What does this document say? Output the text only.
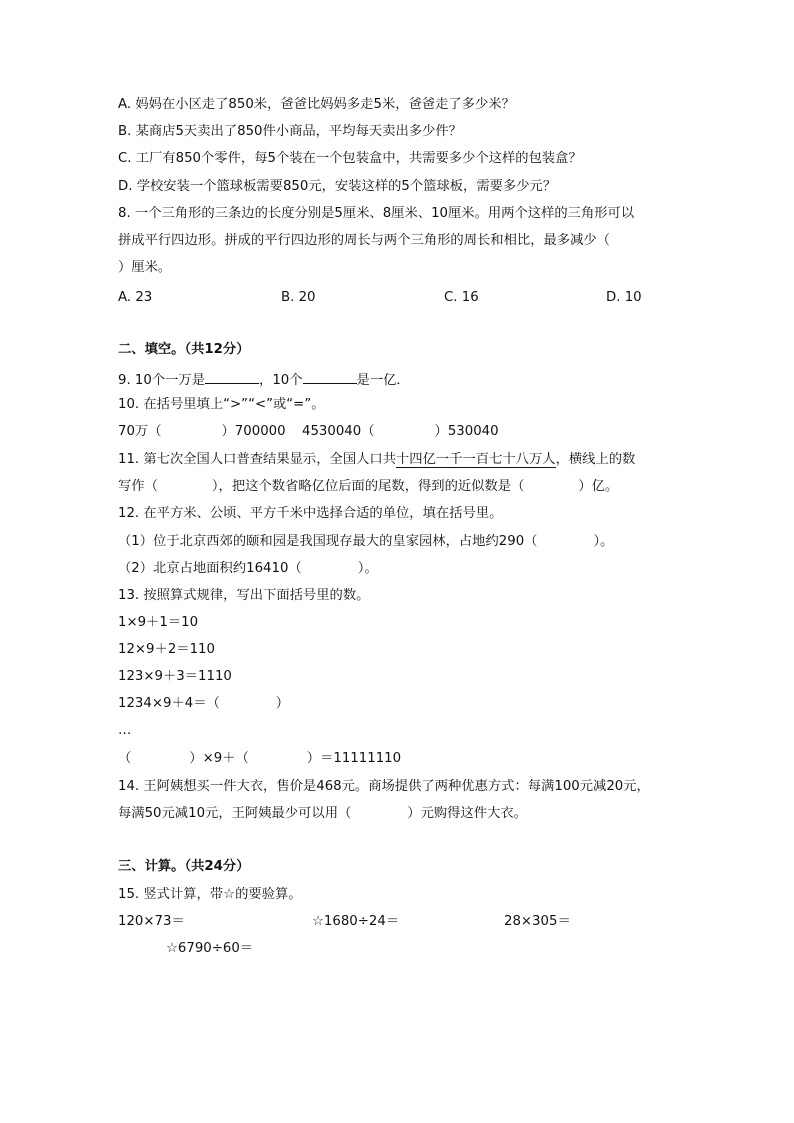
A. 妈妈在小区走了850米，爸爸比妈妈多走5米，爸爸走了多少米？
B. 某商店5天卖出了850件小商品，平均每天卖出多少件？
C. 工厂有850个零件，每5个装在一个包装盒中，共需要多少个这样的包装盒？
D. 学校安装一个篮球板需要850元，安装这样的5个篮球板，需要多少元？
8. 一个三角形的三条边的长度分别是5厘米、8厘米、10厘米。用两个这样的三角形可以
拼成平行四边形。拼成的平行四边形的周长与两个三角形的周长和相比，最多减少（
）厘米。
A. 23	B. 20	C. 16	D. 10
二、填空。（共12分）
9. 10个一万是	，10个	是一亿．
10. 在括号里填上“>”“<”或“=”。
70万（	）700000 4530040（	）530040
11. 第七次全国人口普查结果显示，全国人口共十四亿一千一百七十八万人，横线上的数
写作（	），把这个数省略亿位后面的尾数，得到的近似数是（	）亿。
12. 在平方米、公顷、平方千米中选择合适的单位，填在括号里。
（1）位于北京西郊的颐和园是我国现存最大的皇家园林，占地约290（	）。
（2）北京占地面积约16410（	）。
13. 按照算式规律，写出下面括号里的数。
1×9＋1＝10
12×9＋2＝110
123×9＋3＝1110
1234×9＋4＝（	）
…
（	）×9＋（	）＝11111110
14. 王阿姨想买一件大衣，售价是468元。商场提供了两种优惠方式：每满100元减20元，
每满50元减10元，王阿姨最少可以用（	）元购得这件大衣。
三、计算。（共24分）
15. 竖式计算，带☆的要验算。
120×73＝	☆1680÷24＝	28×305＝
☆6790÷60＝
